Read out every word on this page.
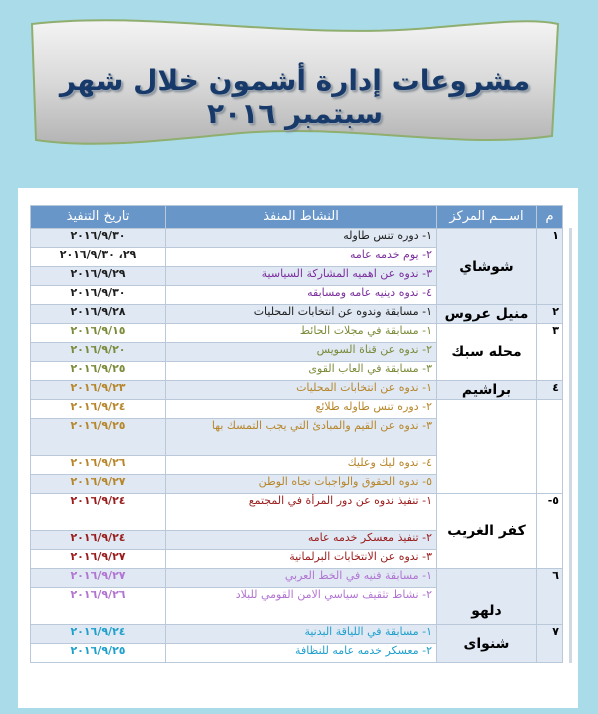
مشروعات إدارة أشمون خلال شهر سبتمبر ٢٠١٦
م	اســـم المركز	النشاط المنفذ	تاريخ التنفيذ
١	شوشاي	١- دوره تنس طاوله	٢٠١٦/٩/٣٠
		٢- يوم خدمه عامه	٢٩، ٢٠١٦/٩/٣٠
		٣- ندوه عن اهميه المشاركة السياسية	٢٠١٦/٩/٢٩
		٤- ندوه دينيه عامه ومسابقه	٢٠١٦/٩/٣٠
٢	منيل عروس	١- مسابقة وندوه عن انتخابات المحليات	٢٠١٦/٩/٢٨
٣	محله سبك	١- مسابقة في مجلات الحائط	٢٠١٦/٩/١٥
		٢- ندوه عن قناة السويس	٢٠١٦/٩/٢٠
		٣- مسابقة في العاب القوى	٢٠١٦/٩/٢٥
٤	براشيم	١- ندوه عن انتخابات المحليات	٢٠١٦/٩/٢٣
		٢- دوره تنس طاوله طلائع	٢٠١٦/٩/٢٤
		٣- ندوه عن القيم والمبادئ التي يجب التمسك بها	٢٠١٦/٩/٢٥
		٤- ندوه ليك وعليك	٢٠١٦/٩/٢٦
		٥- ندوه الحقوق والواجبات تجاه الوطن	٢٠١٦/٩/٢٧
٥-	كفر الغريب	١- تنفيذ ندوه عن دور المرأة في المجتمع	٢٠١٦/٩/٢٤
		٢- تنفيذ معسكر خدمه عامه	٢٠١٦/٩/٢٤
		٣- ندوه عن الانتخابات البرلمانية	٢٠١٦/٩/٢٧
٦	دلهو	١- مسابقة فنيه في الخط العربي	٢٠١٦/٩/٢٧
		٢- نشاط تثقيف سياسي الامن القومي للبلاد	٢٠١٦/٩/٢٦
٧	شنواى	١- مسابقة في اللياقة البدنية	٢٠١٦/٩/٢٤
		٢- معسكر خدمه عامه للنظافة	٢٠١٦/٩/٢٥
